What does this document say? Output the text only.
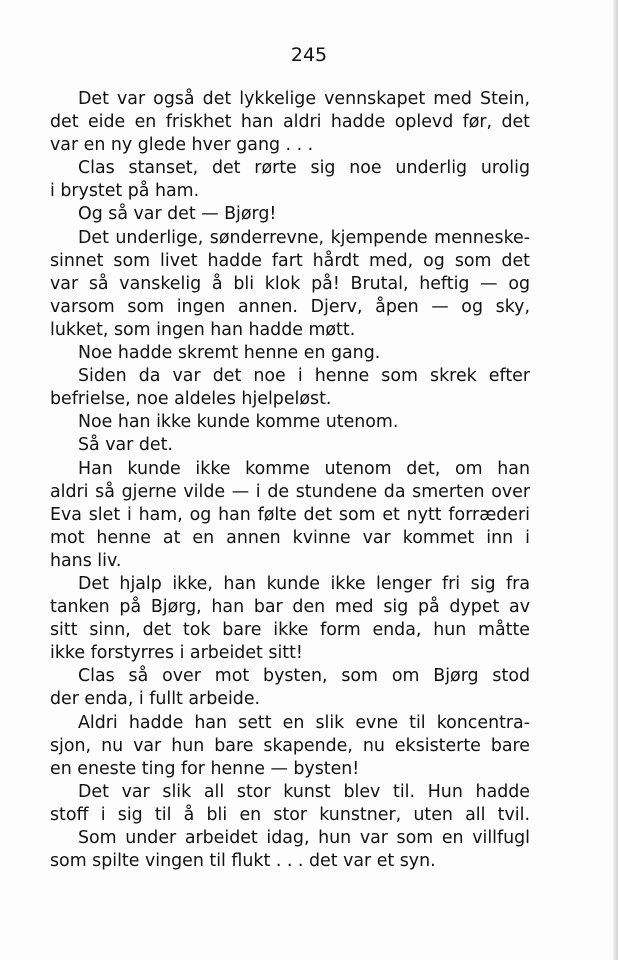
245
Det var også det lykkelige vennskapet med Stein,
det eide en friskhet han aldri hadde oplevd før, det
var en ny glede hver gang . . .
Clas stanset, det rørte sig noe underlig urolig
i brystet på ham.
Og så var det — Bjørg!
Det underlige, sønderrevne, kjempende menneske-
sinnet som livet hadde fart hårdt med, og som det
var så vanskelig å bli klok på! Brutal, heftig — og
varsom som ingen annen. Djerv, åpen — og sky,
lukket, som ingen han hadde møtt.
Noe hadde skremt henne en gang.
Siden da var det noe i henne som skrek efter
befrielse, noe aldeles hjelpeløst.
Noe han ikke kunde komme utenom.
Så var det.
Han kunde ikke komme utenom det, om han
aldri så gjerne vilde — i de stundene da smerten over
Eva slet i ham, og han følte det som et nytt forræderi
mot henne at en annen kvinne var kommet inn i
hans liv.
Det hjalp ikke, han kunde ikke lenger fri sig fra
tanken på Bjørg, han bar den med sig på dypet av
sitt sinn, det tok bare ikke form enda, hun måtte
ikke forstyrres i arbeidet sitt!
Clas så over mot bysten, som om Bjørg stod
der enda, i fullt arbeide.
Aldri hadde han sett en slik evne til koncentra-
sjon, nu var hun bare skapende, nu eksisterte bare
en eneste ting for henne — bysten!
Det var slik all stor kunst blev til. Hun hadde
stoff i sig til å bli en stor kunstner, uten all tvil.
Som under arbeidet idag, hun var som en villfugl
som spilte vingen til flukt . . . det var et syn.
